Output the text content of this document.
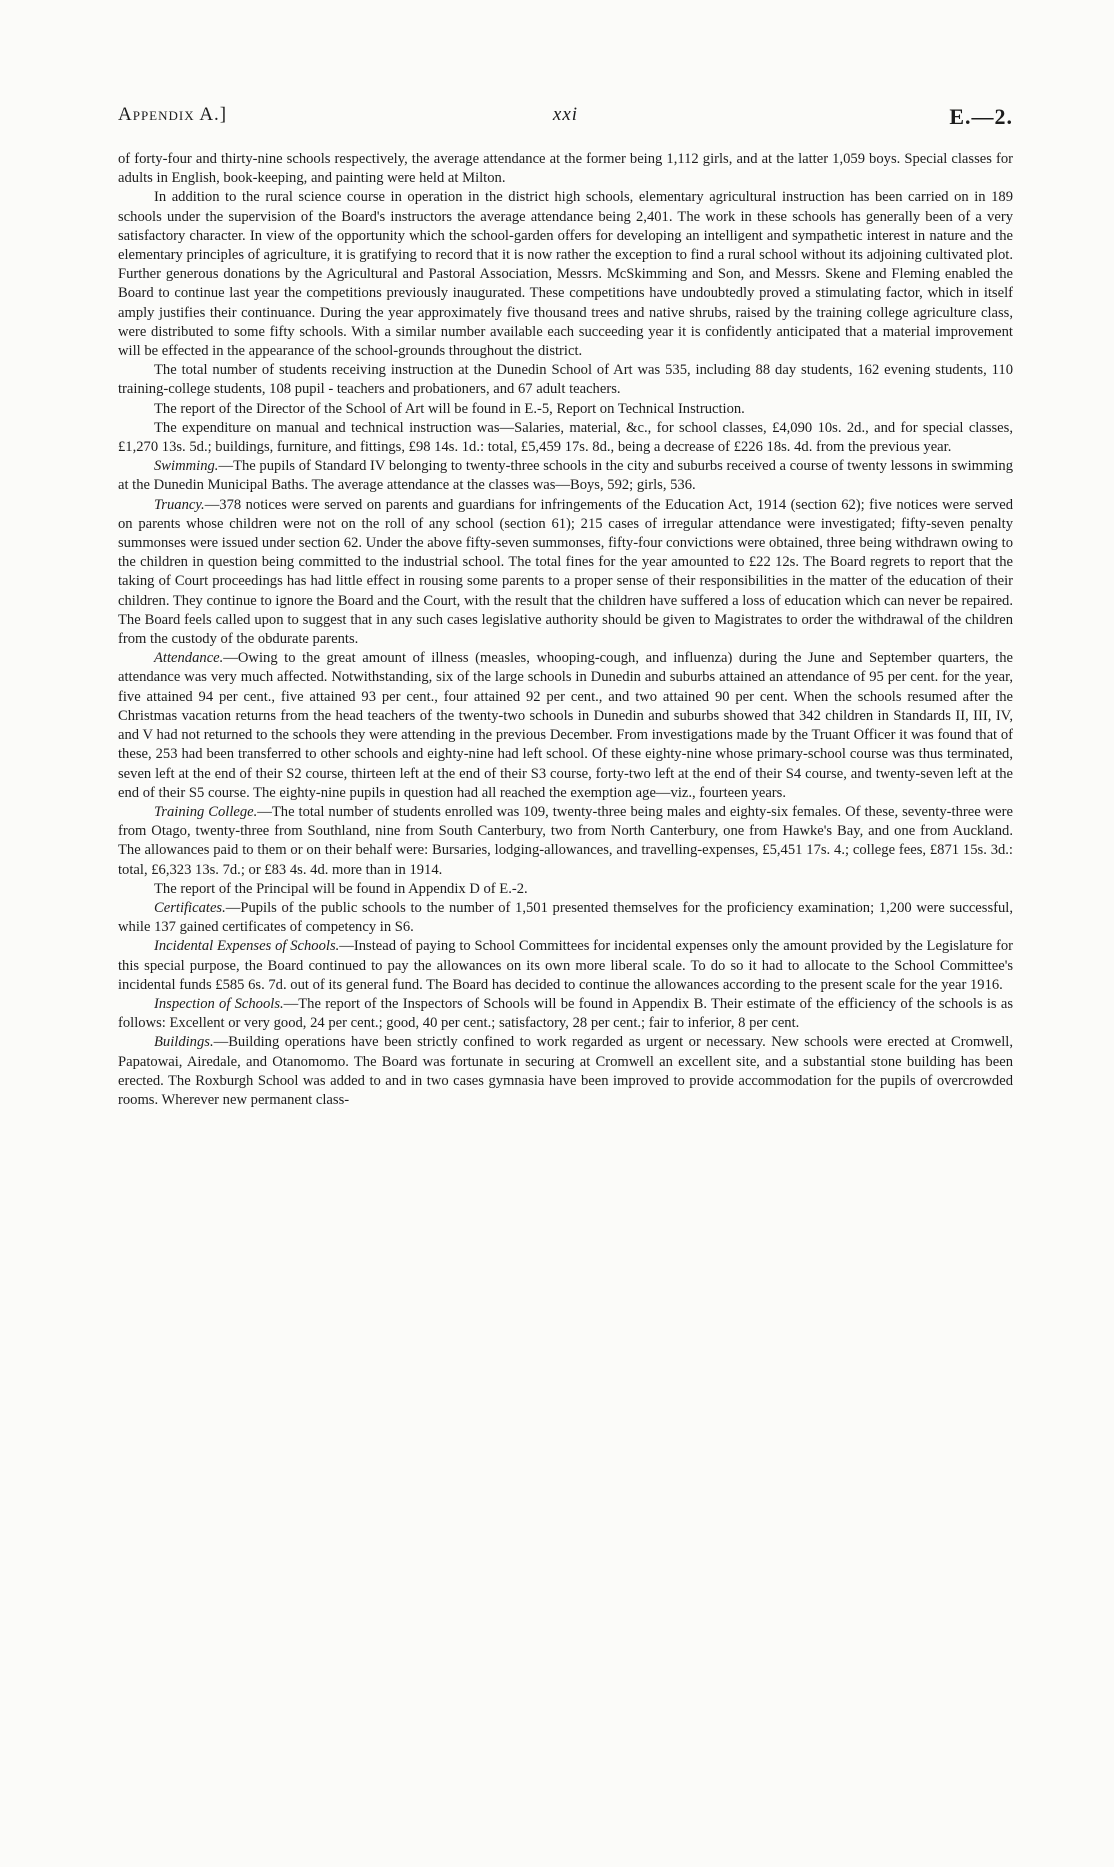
Appendix A.]	xxi	E.—2.

of forty-four and thirty-nine schools respectively, the average attendance at the former being 1,112 girls, and at the latter 1,059 boys. Special classes for adults in English, book-keeping, and painting were held at Milton.

In addition to the rural science course in operation in the district high schools, elementary agricultural instruction has been carried on in 189 schools under the supervision of the Board's instructors the average attendance being 2,401. The work in these schools has generally been of a very satisfactory character. In view of the opportunity which the school-garden offers for developing an intelligent and sympathetic interest in nature and the elementary principles of agriculture, it is gratifying to record that it is now rather the exception to find a rural school without its adjoining cultivated plot. Further generous donations by the Agricultural and Pastoral Association, Messrs. McSkimming and Son, and Messrs. Skene and Fleming enabled the Board to continue last year the competitions previously inaugurated. These competitions have undoubtedly proved a stimulating factor, which in itself amply justifies their continuance. During the year approximately five thousand trees and native shrubs, raised by the training college agriculture class, were distributed to some fifty schools. With a similar number available each succeeding year it is confidently anticipated that a material improvement will be effected in the appearance of the school-grounds throughout the district.

The total number of students receiving instruction at the Dunedin School of Art was 535, including 88 day students, 162 evening students, 110 training-college students, 108 pupil - teachers and probationers, and 67 adult teachers.

The report of the Director of the School of Art will be found in E.-5, Report on Technical Instruction.

The expenditure on manual and technical instruction was—Salaries, material, &c., for school classes, £4,090 10s. 2d., and for special classes, £1,270 13s. 5d.; buildings, furniture, and fittings, £98 14s. 1d.: total, £5,459 17s. 8d., being a decrease of £226 18s. 4d. from the previous year.

Swimming.—The pupils of Standard IV belonging to twenty-three schools in the city and suburbs received a course of twenty lessons in swimming at the Dunedin Municipal Baths. The average attendance at the classes was—Boys, 592; girls, 536.

Truancy.—378 notices were served on parents and guardians for infringements of the Education Act, 1914 (section 62); five notices were served on parents whose children were not on the roll of any school (section 61); 215 cases of irregular attendance were investigated; fifty-seven penalty summonses were issued under section 62. Under the above fifty-seven summonses, fifty-four convictions were obtained, three being withdrawn owing to the children in question being committed to the industrial school. The total fines for the year amounted to £22 12s. The Board regrets to report that the taking of Court proceedings has had little effect in rousing some parents to a proper sense of their responsibilities in the matter of the education of their children. They continue to ignore the Board and the Court, with the result that the children have suffered a loss of education which can never be repaired. The Board feels called upon to suggest that in any such cases legislative authority should be given to Magistrates to order the withdrawal of the children from the custody of the obdurate parents.

Attendance.—Owing to the great amount of illness (measles, whooping-cough, and influenza) during the June and September quarters, the attendance was very much affected. Notwithstanding, six of the large schools in Dunedin and suburbs attained an attendance of 95 per cent. for the year, five attained 94 per cent., five attained 93 per cent., four attained 92 per cent., and two attained 90 per cent. When the schools resumed after the Christmas vacation returns from the head teachers of the twenty-two schools in Dunedin and suburbs showed that 342 children in Standards II, III, IV, and V had not returned to the schools they were attending in the previous December. From investigations made by the Truant Officer it was found that of these, 253 had been transferred to other schools and eighty-nine had left school. Of these eighty-nine whose primary-school course was thus terminated, seven left at the end of their S2 course, thirteen left at the end of their S3 course, forty-two left at the end of their S4 course, and twenty-seven left at the end of their S5 course. The eighty-nine pupils in question had all reached the exemption age—viz., fourteen years.

Training College.—The total number of students enrolled was 109, twenty-three being males and eighty-six females. Of these, seventy-three were from Otago, twenty-three from Southland, nine from South Canterbury, two from North Canterbury, one from Hawke's Bay, and one from Auckland. The allowances paid to them or on their behalf were: Bursaries, lodging-allowances, and travelling-expenses, £5,451 17s. 4.; college fees, £871 15s. 3d.: total, £6,323 13s. 7d.; or £83 4s. 4d. more than in 1914.

The report of the Principal will be found in Appendix D of E.-2.

Certificates.—Pupils of the public schools to the number of 1,501 presented themselves for the proficiency examination; 1,200 were successful, while 137 gained certificates of competency in S6.

Incidental Expenses of Schools.—Instead of paying to School Committees for incidental expenses only the amount provided by the Legislature for this special purpose, the Board continued to pay the allowances on its own more liberal scale. To do so it had to allocate to the School Committee's incidental funds £585 6s. 7d. out of its general fund. The Board has decided to continue the allowances according to the present scale for the year 1916.

Inspection of Schools.—The report of the Inspectors of Schools will be found in Appendix B. Their estimate of the efficiency of the schools is as follows: Excellent or very good, 24 per cent.; good, 40 per cent.; satisfactory, 28 per cent.; fair to inferior, 8 per cent.

Buildings.—Building operations have been strictly confined to work regarded as urgent or necessary. New schools were erected at Cromwell, Papatowai, Airedale, and Otanomomo. The Board was fortunate in securing at Cromwell an excellent site, and a substantial stone building has been erected. The Roxburgh School was added to and in two cases gymnasia have been improved to provide accommodation for the pupils of overcrowded rooms. Wherever new permanent class-
